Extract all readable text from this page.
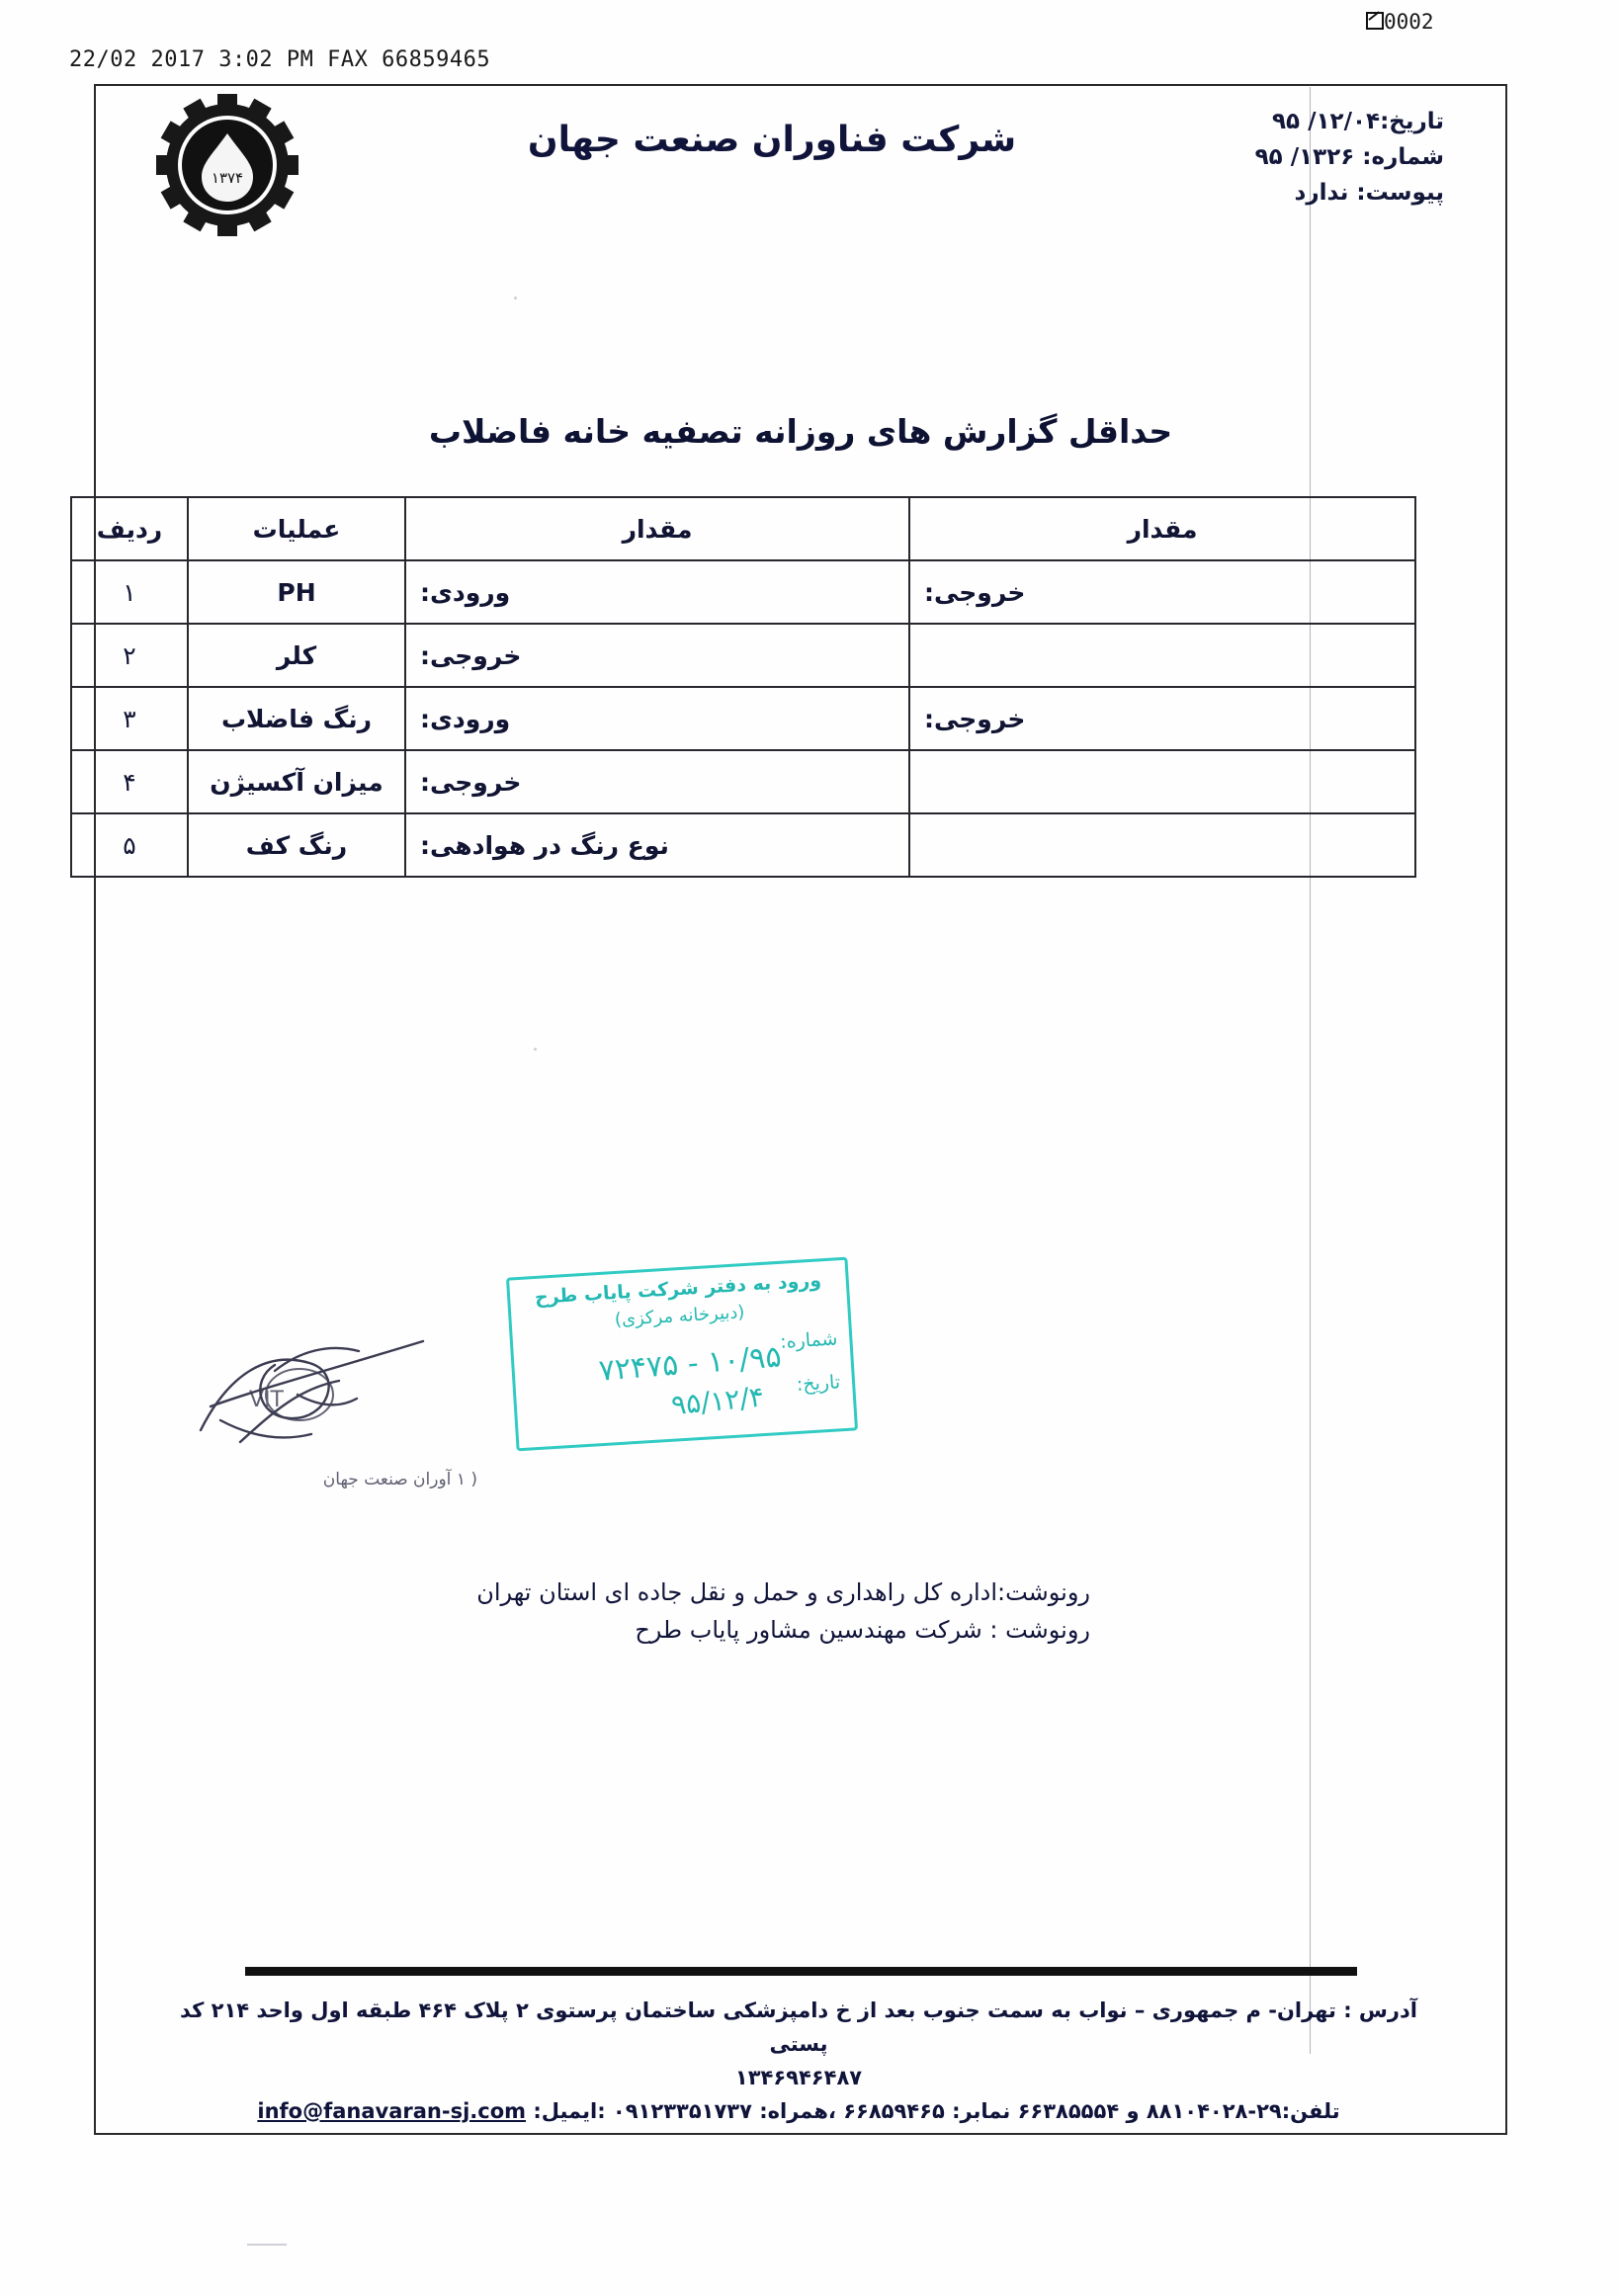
22/02 2017 3:02 PM FAX 66859465
0002
تاریخ:۱۲/۰۴/ ۹۵
شماره: ۱۳۲۶/ ۹۵
پیوست: ندارد
شرکت فناوران صنعت جهان
۱۳۷۴
حداقل گزارش های روزانه تصفیه خانه فاضلاب
مقدار	مقدار	عملیات	ردیف
خروجی:	ورودی:	PH	۱
	خروجی:	کلر	۲
خروجی:	ورودی:	رنگ فاضلاب	۳
	خروجی:	میزان آکسیژن	۴
	نوع رنگ در هوادهی:	رنگ کف	۵
VIT
( ۱ آوران صنعت جهان
ورود به دفتر شرکت پایاب طرح
(دبیرخانه مرکزی)
شماره:
۱۰/۹۵ - ۷۲۴۷۵
تاریخ:
۹۵/۱۲/۴
رونوشت:اداره کل راهداری و حمل و نقل جاده ای استان تهران
رونوشت : شرکت مهندسین مشاور پایاب طرح
آدرس : تهران- م جمهوری – نواب به سمت جنوب بعد از خ دامپزشکی ساختمان پرستوی ۲ پلاک ۴۶۴ طبقه اول واحد ۲۱۴ کد پستی
۱۳۴۶۹۴۶۴۸۷
تلفن:۲۹-۸۸۱۰۴۰۲۸ و ۶۶۳۸۵۵۵۴ نمابر: ۶۶۸۵۹۴۶۵ ،همراه: ۰۹۱۲۳۳۵۱۷۳۷ :ایمیل: info@fanavaran-sj.com
